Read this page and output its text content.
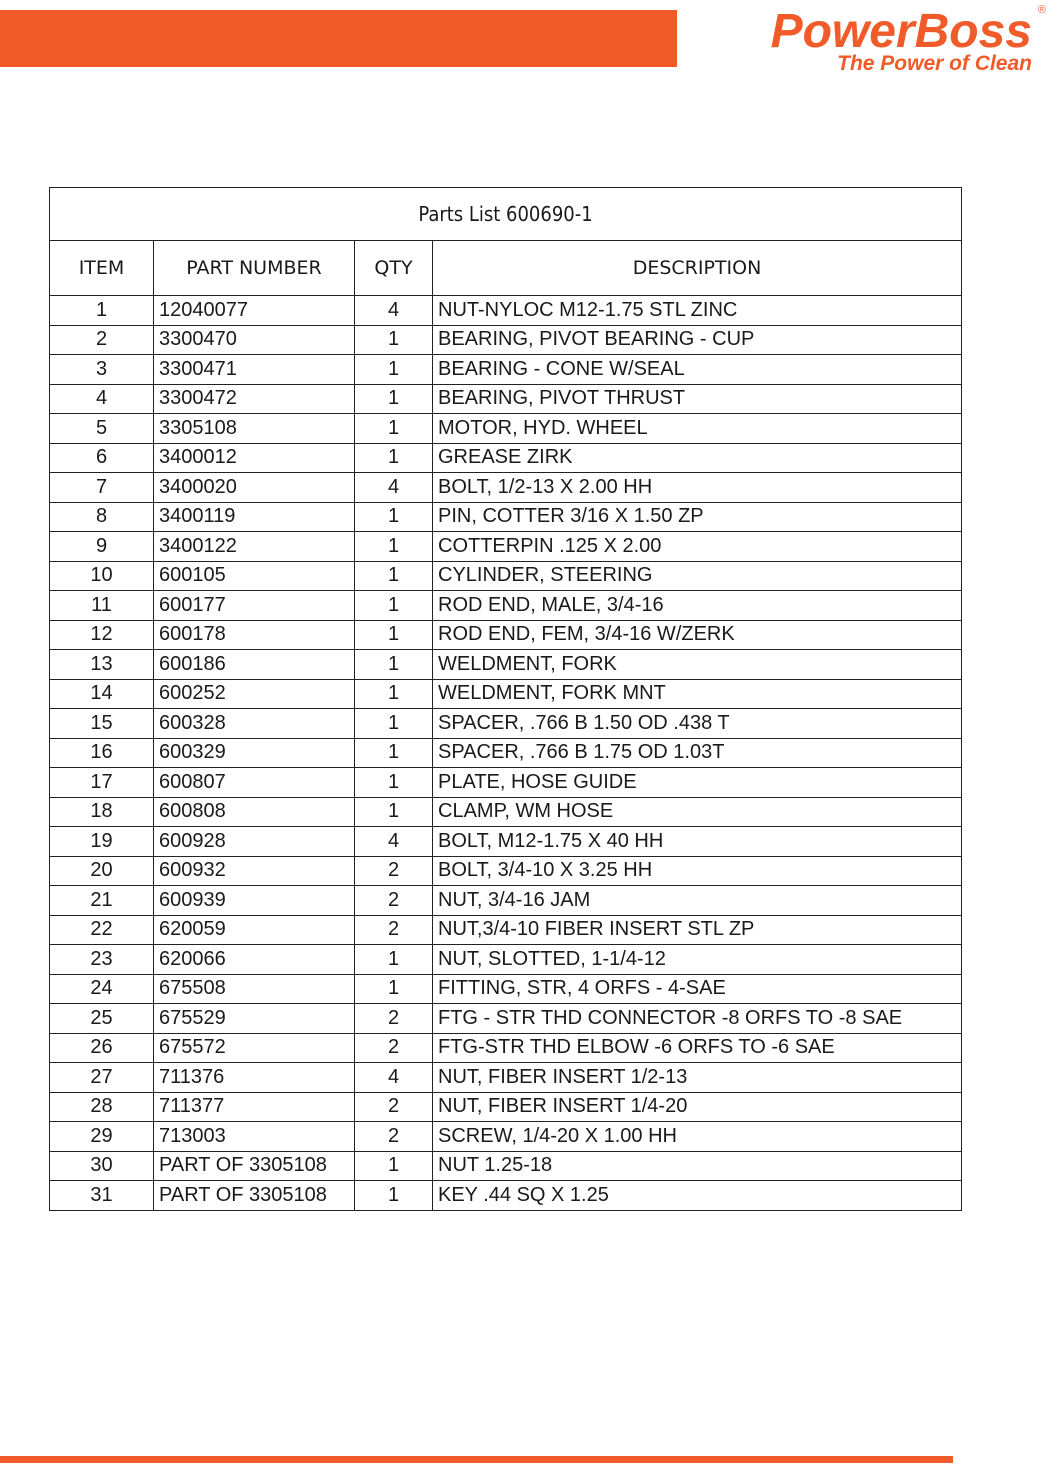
PowerBoss ®
The Power of Clean
Parts List 600690-1			
ITEM	PART NUMBER	QTY	DESCRIPTION
1	12040077	4	NUT-NYLOC M12-1.75 STL ZINC
2	3300470	1	BEARING, PIVOT BEARING - CUP
3	3300471	1	BEARING - CONE W/SEAL
4	3300472	1	BEARING, PIVOT THRUST
5	3305108	1	MOTOR, HYD. WHEEL
6	3400012	1	GREASE ZIRK
7	3400020	4	BOLT, 1/2-13 X 2.00 HH
8	3400119	1	PIN, COTTER 3/16 X 1.50 ZP
9	3400122	1	COTTERPIN .125 X 2.00
10	600105	1	CYLINDER, STEERING
11	600177	1	ROD END, MALE, 3/4-16
12	600178	1	ROD END, FEM, 3/4-16 W/ZERK
13	600186	1	WELDMENT, FORK
14	600252	1	WELDMENT, FORK MNT
15	600328	1	SPACER, .766 B 1.50 OD .438 T
16	600329	1	SPACER, .766 B 1.75 OD 1.03T
17	600807	1	PLATE, HOSE GUIDE
18	600808	1	CLAMP, WM HOSE
19	600928	4	BOLT, M12-1.75 X 40 HH
20	600932	2	BOLT, 3/4-10 X 3.25 HH
21	600939	2	NUT, 3/4-16 JAM
22	620059	2	NUT,3/4-10 FIBER INSERT STL ZP
23	620066	1	NUT, SLOTTED, 1-1/4-12
24	675508	1	FITTING, STR, 4 ORFS - 4-SAE
25	675529	2	FTG - STR THD CONNECTOR -8 ORFS TO -8 SAE
26	675572	2	FTG-STR THD ELBOW -6 ORFS TO -6 SAE
27	711376	4	NUT, FIBER INSERT 1/2-13
28	711377	2	NUT, FIBER INSERT 1/4-20
29	713003	2	SCREW, 1/4-20 X 1.00 HH
30	PART OF 3305108	1	NUT 1.25-18
31	PART OF 3305108	1	KEY .44 SQ X 1.25
